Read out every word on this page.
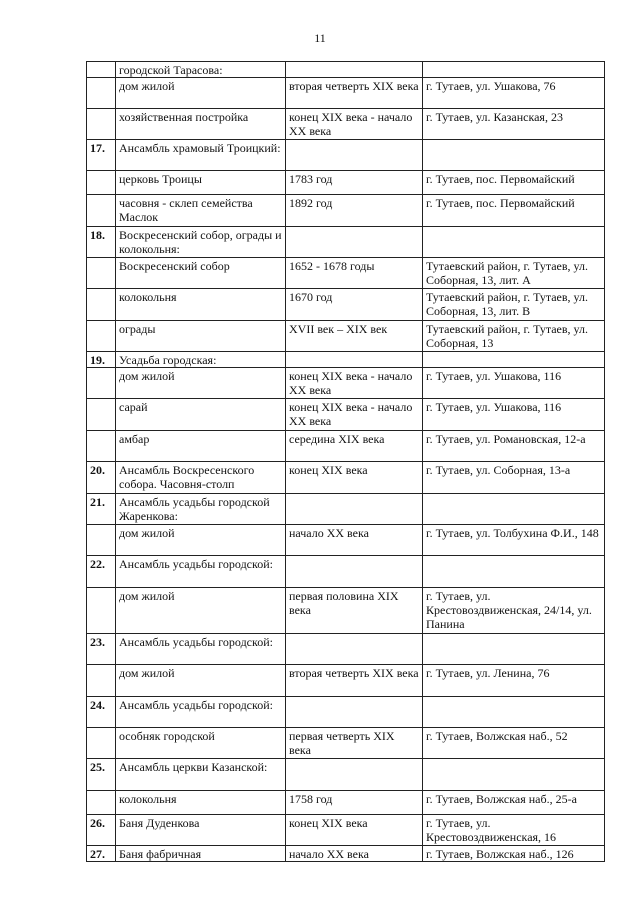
11
	городской Тарасова:		
	дом жилой	вторая четверть XIX века	г. Тутаев, ул. Ушакова, 76
	хозяйственная постройка	конец XIX века - начало XX века	г. Тутаев, ул. Казанская, 23
17.	Ансамбль храмовый Троицкий:		
	церковь Троицы	1783 год	г. Тутаев, пос. Первомайский
	часовня - склеп семейства Маслок	1892 год	г. Тутаев, пос. Первомайский
18.	Воскресенский собор, ограды и колокольня:		
	Воскресенский собор	1652 - 1678 годы	Тутаевский район, г. Тутаев, ул. Соборная, 13, лит. А
	колокольня	1670 год	Тутаевский район, г. Тутаев, ул. Соборная, 13, лит. В
	ограды	XVII век – XIX век	Тутаевский район, г. Тутаев, ул. Соборная, 13
19.	Усадьба городская:		
	дом жилой	конец XIX века - начало XX века	г. Тутаев, ул. Ушакова, 116
	сарай	конец XIX века - начало XX века	г. Тутаев, ул. Ушакова, 116
	амбар	середина XIX века	г. Тутаев, ул. Романовская, 12-а
20.	Ансамбль Воскресенского собора. Часовня-столп	конец XIX века	г. Тутаев, ул. Соборная, 13-а
21.	Ансамбль усадьбы городской Жаренкова:		
	дом жилой	начало XX века	г. Тутаев, ул. Толбухина Ф.И., 148
22.	Ансамбль усадьбы городской:		
	дом жилой	первая половина XIX века	г. Тутаев, ул. Крестовоздвиженская, 24/14, ул. Панина
23.	Ансамбль усадьбы городской:		
	дом жилой	вторая четверть XIX века	г. Тутаев, ул. Ленина, 76
24.	Ансамбль усадьбы городской:		
	особняк городской	первая четверть XIX века	г. Тутаев, Волжская наб., 52
25.	Ансамбль церкви Казанской:		
	колокольня	1758 год	г. Тутаев, Волжская наб., 25-а
26.	Баня Дуденкова	конец XIX века	г. Тутаев, ул. Крестовоздвиженская, 16
27.	Баня фабричная	начало XX века	г. Тутаев, Волжская наб., 126
